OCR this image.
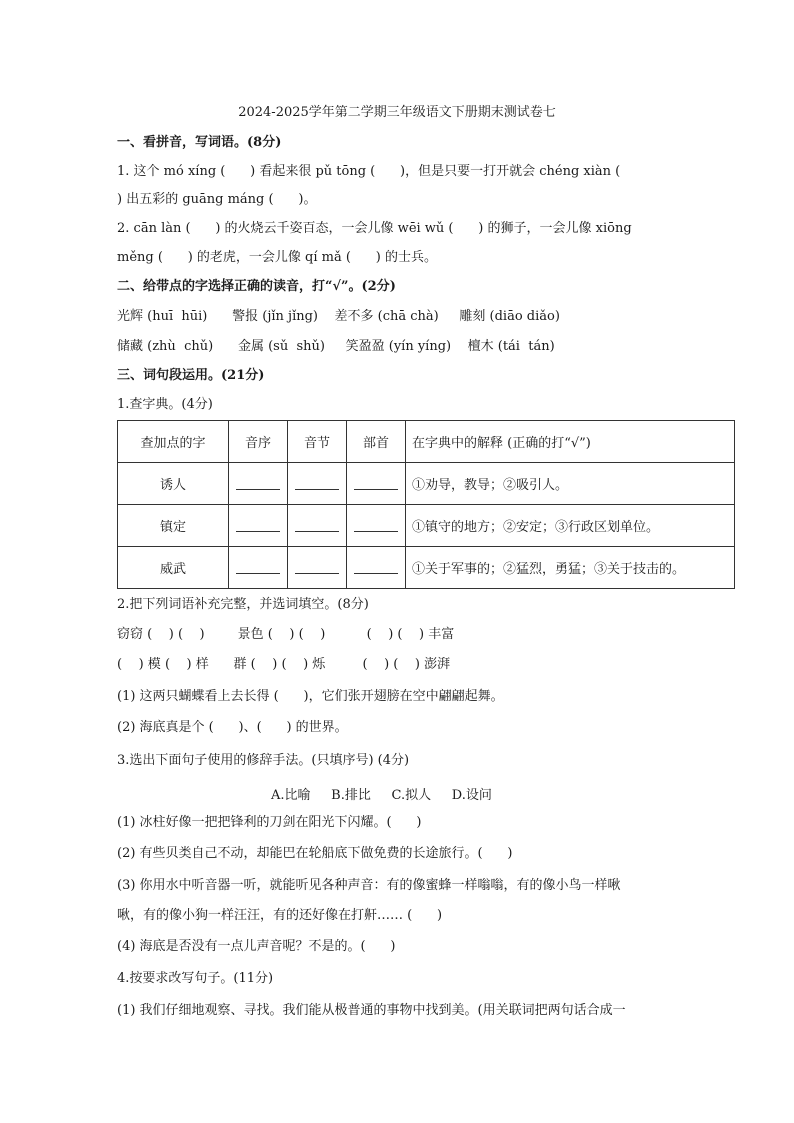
2024-2025学年第二学期三年级语文下册期末测试卷七
一、看拼音，写词语。(8分)
1. 这个 mó xíng (      ) 看起来很 pǔ tōng (      )，但是只要一打开就会 chéng xiàn (
) 出五彩的 guāng máng (      )。
2. cān làn (      ) 的火烧云千姿百态，一会儿像 wēi wǔ (      ) 的狮子，一会儿像 xiōng
měng (      ) 的老虎，一会儿像 qí mǎ (      ) 的士兵。
二、给带点的字选择正确的读音，打“√”。(2分)
光辉 (huī  hūi)      警报 (jǐn jǐng)    差不多 (chā chà)     雕刻 (diāo diǎo)
储藏 (zhù  chǔ)      金属 (sǔ  shǔ)     笑盈盈 (yín yíng)    檀木 (tái  tán)
三、词句段运用。(21分)
1.查字典。(4分)
查加点的字	音序	音节	部首	在字典中的解释 (正确的打“√”)
诱人				①劝导，教导；②吸引人。
镇定				①镇守的地方；②安定；③行政区划单位。
威武				①关于军事的；②猛烈，勇猛；③关于技击的。
2.把下列词语补充完整，并选词填空。(8分)
窃窃 (    ) (    )        景色 (    ) (    )          (    ) (    ) 丰富
(    ) 模 (    ) 样      群 (    ) (    ) 烁         (    ) (    ) 澎湃
(1) 这两只蝴蝶看上去长得 (      )，它们张开翅膀在空中翩翩起舞。
(2) 海底真是个 (      )、(      ) 的世界。
3.选出下面句子使用的修辞手法。(只填序号) (4分)
A.比喻     B.排比     C.拟人     D.设问
(1) 冰柱好像一把把锋利的刀剑在阳光下闪耀。(      )
(2) 有些贝类自己不动，却能巴在轮船底下做免费的长途旅行。(      )
(3) 你用水中听音器一听，就能听见各种声音：有的像蜜蜂一样嗡嗡，有的像小鸟一样啾
啾，有的像小狗一样汪汪，有的还好像在打鼾…… (      )
(4) 海底是否没有一点儿声音呢？不是的。(      )
4.按要求改写句子。(11分)
(1) 我们仔细地观察、寻找。我们能从极普通的事物中找到美。(用关联词把两句话合成一
